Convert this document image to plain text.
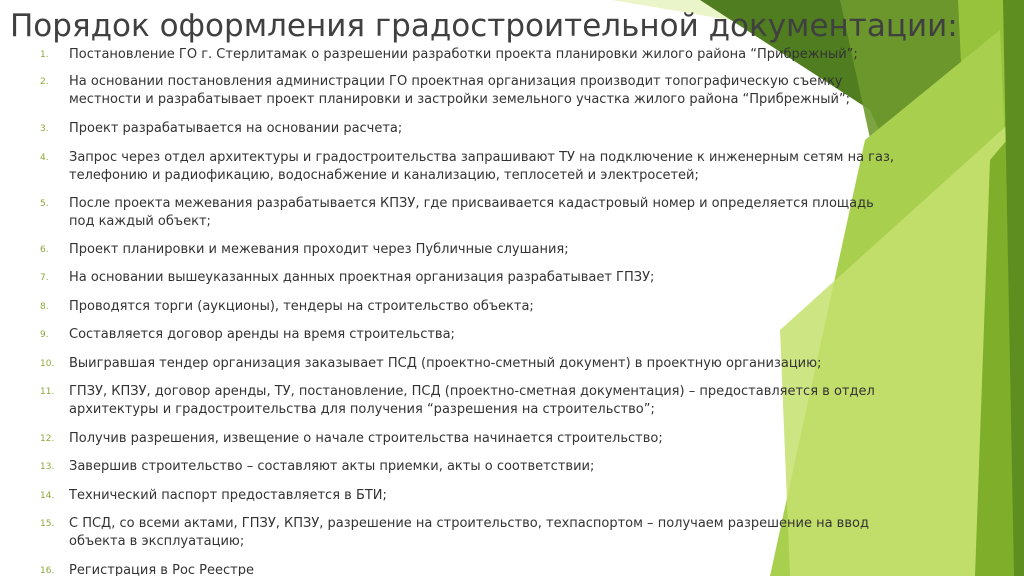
Порядок оформления градостроительной документации:
1.	Постановление ГО г. Стерлитамак о разрешении разработки проекта планировки жилого района “Прибрежный”;
2.	На основании постановления администрации ГО проектная организация производит топографическую съемку
местности и разрабатывает проект планировки и застройки земельного участка жилого района “Прибрежный”;
3.	Проект разрабатывается на основании расчета;
4.	Запрос через отдел архитектуры и градостроительства запрашивают ТУ на подключение к инженерным сетям на газ,
телефонию и радиофикацию, водоснабжение и канализацию, теплосетей и электросетей;
5.	После проекта межевания разрабатывается КПЗУ, где присваивается кадастровый номер и определяется площадь
под каждый объект;
6.	Проект планировки и межевания проходит через Публичные слушания;
7.	На основании вышеуказанных данных проектная организация разрабатывает ГПЗУ;
8.	Проводятся торги (аукционы), тендеры на строительство объекта;
9.	Составляется договор аренды на время строительства;
10.	Выигравшая тендер организация заказывает ПСД (проектно-сметный документ) в проектную организацию;
11.	ГПЗУ, КПЗУ, договор аренды, ТУ, постановление, ПСД (проектно-сметная документация) – предоставляется в отдел
архитектуры и градостроительства для получения “разрешения на строительство”;
12.	Получив разрешения, извещение о начале строительства начинается строительство;
13.	Завершив строительство – составляют акты приемки, акты о соответствии;
14.	Технический паспорт предоставляется в БТИ;
15.	С ПСД, со всеми актами, ГПЗУ, КПЗУ, разрешение на строительство, техпаспортом – получаем разрешение на ввод
объекта в эксплуатацию;
16.	Регистрация в Рос Реестре
